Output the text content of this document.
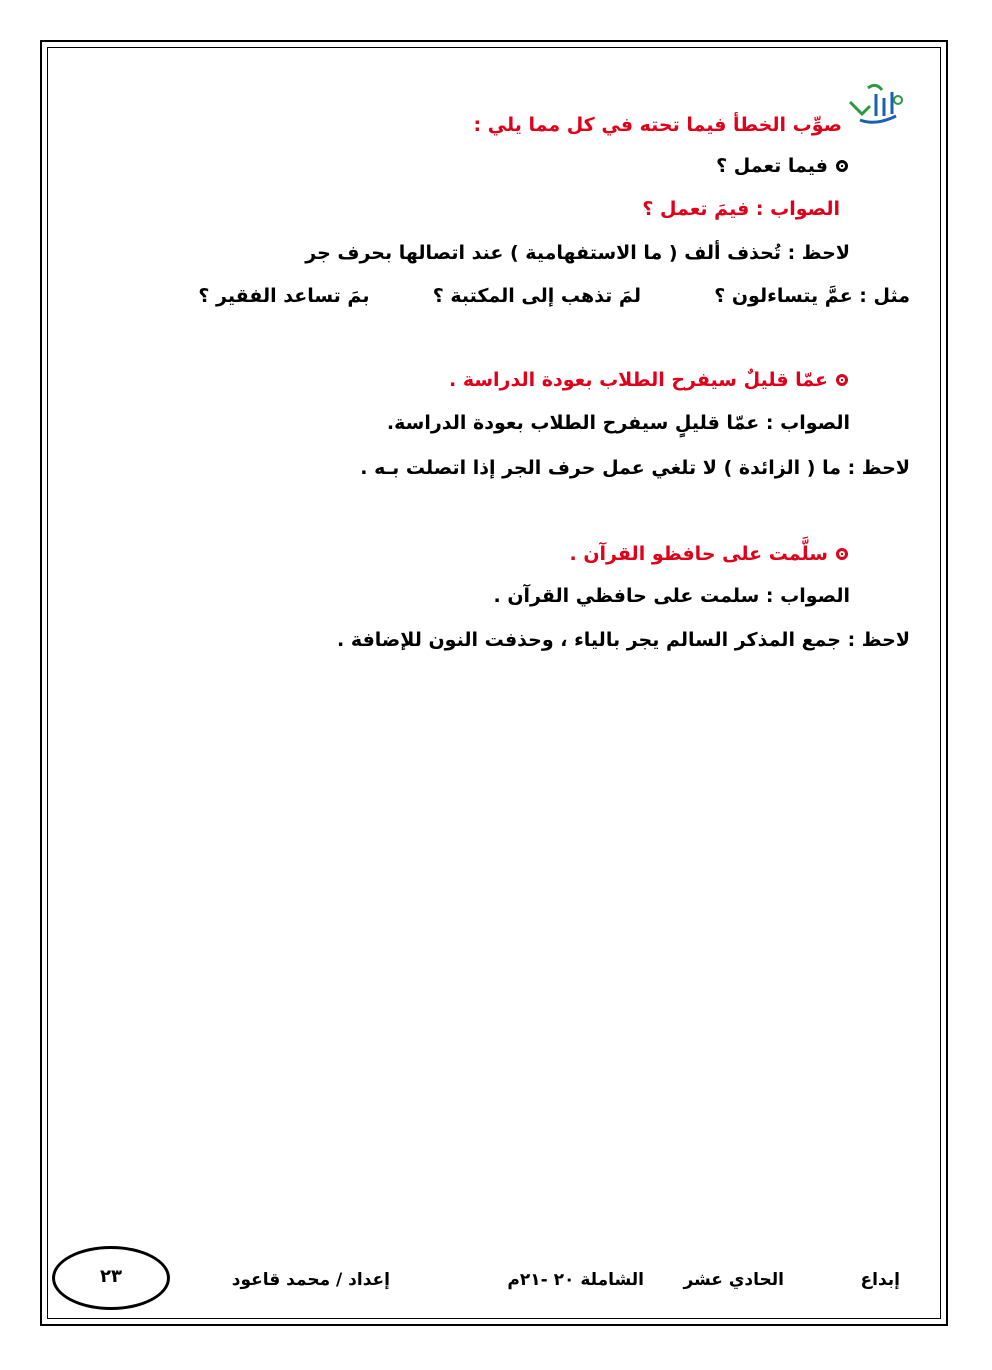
صوِّب الخطأ فيما تحته في كل مما يلي :
فيما تعمل ؟
الصواب : فيمَ تعمل ؟
لاحظ : تُحذف ألف ( ما الاستفهامية ) عند اتصالها بحرف جر
مثل : عمَّ يتساءلون ؟  لمَ تذهب إلى المكتبة ؟  بمَ تساعد الفقير ؟
عمّا قليلٌ سيفرح الطلاب بعودة الدراسة .
الصواب : عمّا قليلٍ سيفرح الطلاب بعودة الدراسة.
لاحظ : ما ( الزائدة ) لا تلغي عمل حرف الجر إذا اتصلت بـه .
سلَّمت على حافظو القرآن .
الصواب : سلمت على حافظي القرآن .
لاحظ : جمع المذكر السالم يجر بالياء ، وحذفت النون للإضافة .
إبداع
الحادي عشر
الشاملة ٢٠ -٢١م
إعداد / محمد قاعود
٢٣
